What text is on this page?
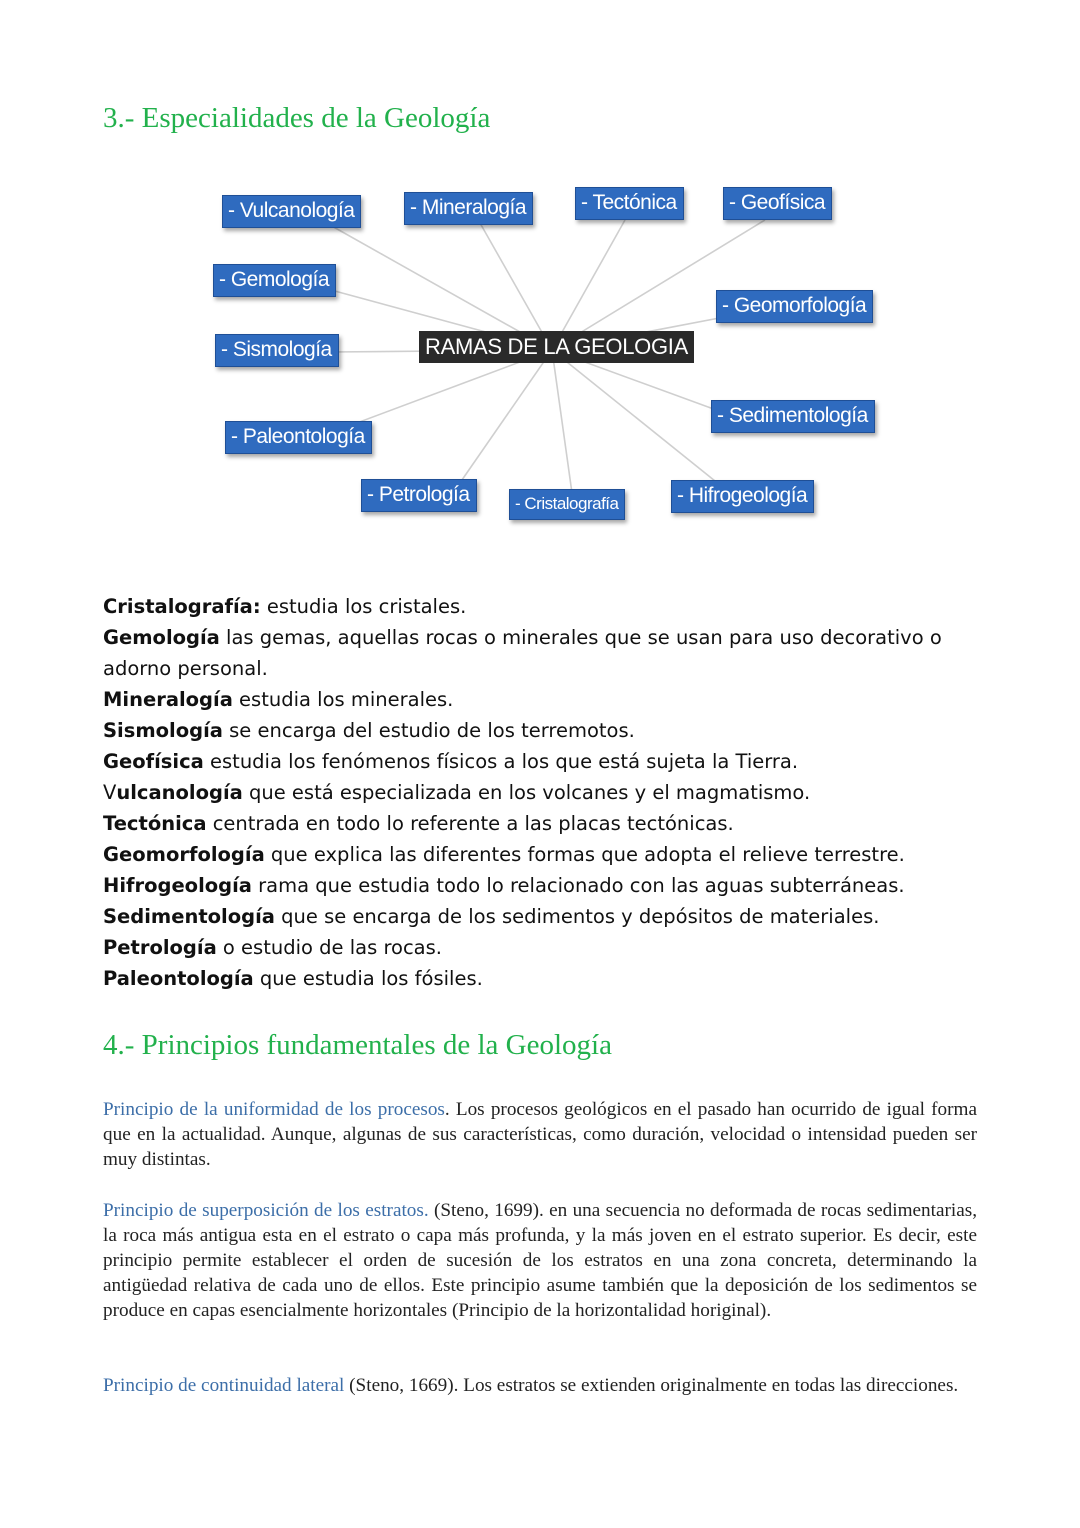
3.- Especialidades de la Geología
RAMAS DE LA GEOLOGIA
- Vulcanología	- Mineralogía	- Tectónica	- Geofísica
- Gemología
- Geomorfología
- Sismología
- Sedimentología
- Paleontología
- Petrología	- Cristalografía	- Hifrogeología

Cristalografía: estudia los cristales.

Gemología las gemas, aquellas rocas o minerales que se usan para uso decorativo o adorno personal.

Mineralogía estudia los minerales.

Sismología se encarga del estudio de los terremotos.

Geofísica estudia los fenómenos físicos a los que está sujeta la Tierra.

Vulcanología que está especializada en los volcanes y el magmatismo.

Tectónica centrada en todo lo referente a las placas tectónicas.

Geomorfología que explica las diferentes formas que adopta el relieve terrestre.

Hifrogeología rama que estudia todo lo relacionado con las aguas subterráneas.

Sedimentología que se encarga de los sedimentos y depósitos de materiales.

Petrología o estudio de las rocas.

Paleontología que estudia los fósiles.

4.- Principios fundamentales de la Geología

Principio de la uniformidad de los procesos. Los procesos geológicos en el pasado han ocurrido de igual forma que en la actualidad. Aunque, algunas de sus características, como duración, velocidad o intensidad pueden ser muy distintas.

Principio de superposición de los estratos. (Steno, 1699). en una secuencia no deformada de rocas sedimentarias, la roca más antigua esta en el estrato o capa más profunda, y la más joven en el estrato superior. Es decir, este principio permite establecer el orden de sucesión de los estratos en una zona concreta, determinando la antigüedad relativa de cada uno de ellos. Este principio asume también que la deposición de los sedimentos se produce en capas esencialmente horizontales (Principio de la horizontalidad horiginal).

Principio de continuidad lateral (Steno, 1669). Los estratos se extienden originalmente en todas las direcciones.
